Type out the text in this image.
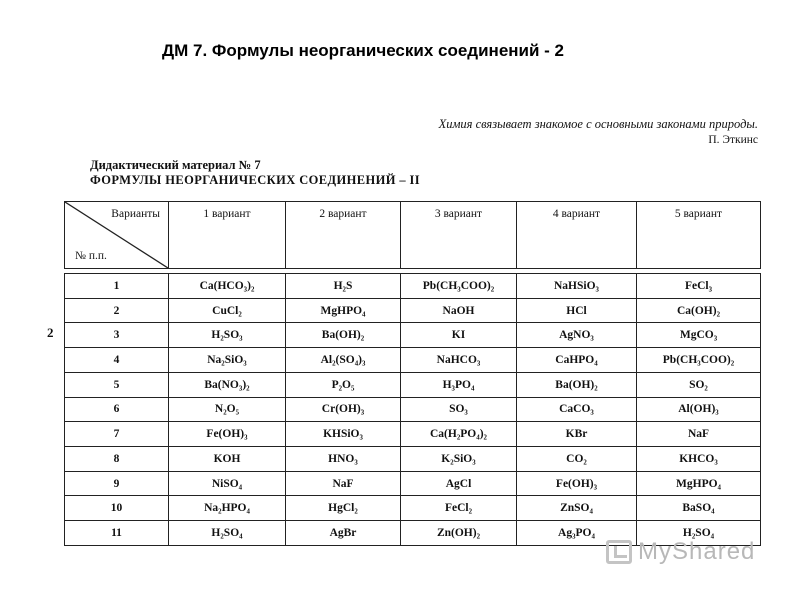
ДМ 7. Формулы неорганических соединений - 2
Химия связывает знакомое с основными законами природы.
П. Эткинс
Дидактический материал № 7
ФОРМУЛЫ НЕОРГАНИЧЕСКИХ СОЕДИНЕНИЙ – II
2
Варианты
№ п.п.	1 вариант	2 вариант	3 вариант	4 вариант	5 вариант

1	Ca(HCO₃)₂	H₂S	Pb(CH₃COO)₂	NaHSiO₃	FeCl₃
2	CuCl₂	MgHPO₄	NaOH	HCl	Ca(OH)₂
3	H₂SO₃	Ba(OH)₂	KI	AgNO₃	MgCO₃
4	Na₂SiO₃	Al₂(SO₄)₃	NaHCO₃	CaHPO₄	Pb(CH₃COO)₂
5	Ba(NO₃)₂	P₂O₅	H₃PO₄	Ba(OH)₂	SO₂
6	N₂O₅	Cr(OH)₃	SO₃	CaCO₃	Al(OH)₃
7	Fe(OH)₃	KHSiO₃	Ca(H₂PO₄)₂	KBr	NaF
8	KOH	HNO₃	K₂SiO₃	CO₂	KHCO₃
9	NiSO₄	NaF	AgCl	Fe(OH)₃	MgHPO₄
10	Na₂HPO₄	HgCl₂	FeCl₂	ZnSO₄	BaSO₄
11	H₂SO₄	AgBr	Zn(OH)₂	Ag₃PO₄	H₂SO₄
MyShared
